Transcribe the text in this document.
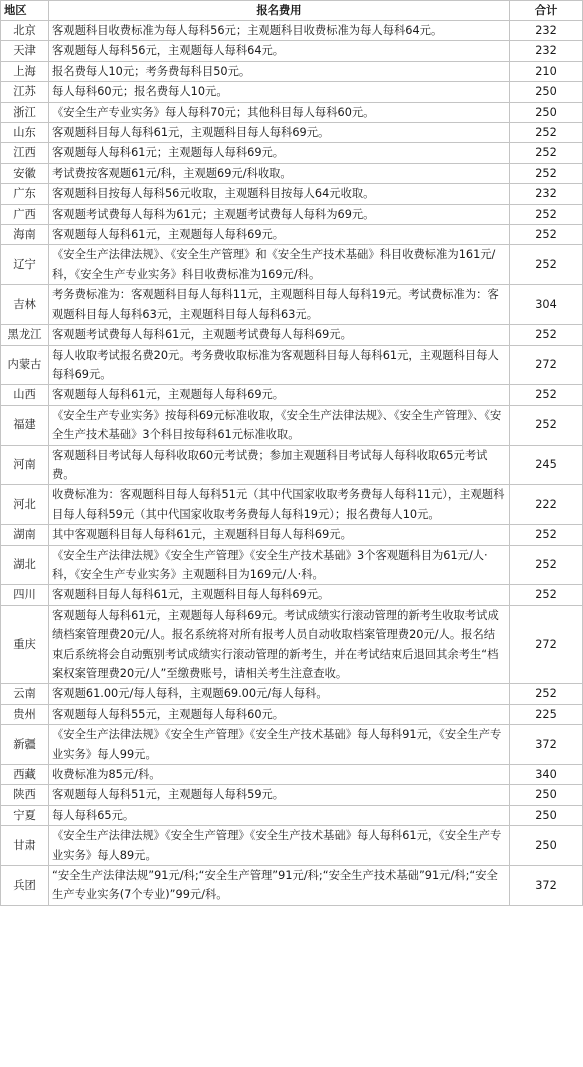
地区	报名费用	合计
北京	客观题科目收费标准为每人每科56元；主观题科目收费标准为每人每科64元。	232
天津	客观题每人每科56元，主观题每人每科64元。	232
上海	报名费每人10元；考务费每科目50元。	210
江苏	每人每科60元；报名费每人10元。	250
浙江	《安全生产专业实务》每人每科70元；其他科目每人每科60元。	250
山东	客观题科目每人每科61元，主观题科目每人每科69元。	252
江西	客观题每人每科61元；主观题每人每科69元。	252
安徽	考试费按客观题61元/科，主观题69元/科收取。	252
广东	客观题科目按每人每科56元收取，主观题科目按每人64元收取。	232
广西	客观题考试费每人每科为61元；主观题考试费每人每科为69元。	252
海南	客观题每人每科61元，主观题每人每科69元。	252
辽宁	《安全生产法律法规》、《安全生产管理》和《安全生产技术基础》科目收费标准为161元/科，《安全生产专业实务》科目收费标准为169元/科。	252
吉林	考务费标准为：客观题科目每人每科11元，主观题科目每人每科19元。考试费标准为：客观题科目每人每科63元，主观题科目每人每科63元。	304
黑龙江	客观题考试费每人每科61元，主观题考试费每人每科69元。	252
内蒙古	每人收取考试报名费20元。考务费收取标准为客观题科目每人每科61元，主观题科目每人每科69元。	272
山西	客观题每人每科61元，主观题每人每科69元。	252
福建	《安全生产专业实务》按每科69元标准收取，《安全生产法律法规》、《安全生产管理》、《安全生产技术基础》3个科目按每科61元标准收取。	252
河南	客观题科目考试每人每科收取60元考试费；参加主观题科目考试每人每科收取65元考试费。	245
河北	收费标准为：客观题科目每人每科51元（其中代国家收取考务费每人每科11元），主观题科目每人每科59元（其中代国家收取考务费每人每科19元）；报名费每人10元。	222
湖南	其中客观题科目每人每科61元，主观题科目每人每科69元。	252
湖北	《安全生产法律法规》《安全生产管理》《安全生产技术基础》3个客观题科目为61元/人·科，《安全生产专业实务》主观题科目为169元/人·科。	252
四川	客观题科目每人每科61元，主观题科目每人每科69元。	252
重庆	客观题每人每科61元，主观题每人每科69元。考试成绩实行滚动管理的新考生收取考试成绩档案管理费20元/人。报名系统将对所有报考人员自动收取档案管理费20元/人。报名结束后系统将会自动甄别考试成绩实行滚动管理的新考生，并在考试结束后退回其余考生“档案权案管理费20元/人”至缴费账号，请相关考生注意查收。	272
云南	客观题61.00元/每人每科，主观题69.00元/每人每科。	252
贵州	客观题每人每科55元，主观题每人每科60元。	225
新疆	《安全生产法律法规》《安全生产管理》《安全生产技术基础》每人每科91元，《安全生产专业实务》每人99元。	372
西藏	收费标准为85元/科。	340
陕西	客观题每人每科51元，主观题每人每科59元。	250
宁夏	每人每科65元。	250
甘肃	《安全生产法律法规》《安全生产管理》《安全生产技术基础》每人每科61元，《安全生产专业实务》每人89元。	250
兵团	“安全生产法律法规”91元/科;“安全生产管理”91元/科;“安全生产技术基础”91元/科;“安全生产专业实务(7个专业)”99元/科。	372
